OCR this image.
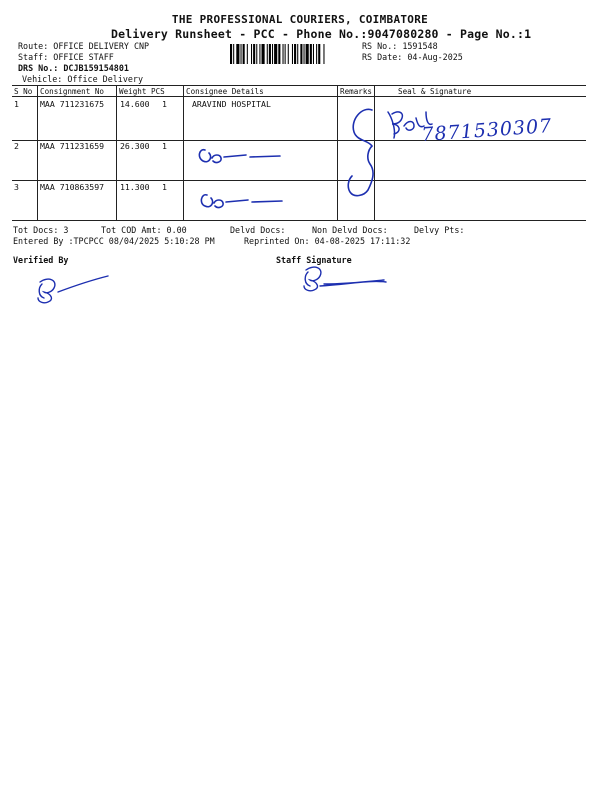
THE PROFESSIONAL COURIERS, COIMBATORE
Delivery Runsheet - PCC - Phone No.:9047080280 - Page No.:1
Route: OFFICE DELIVERY CNP
Staff: OFFICE STAFF
DRS No.: DCJB159154801
Vehicle: Office Delivery
RS No.: 1591548
RS Date: 04-Aug-2025
S No Consignment No Weight PCS	Consignee Details	Remarks	Seal & Signature
1	MAA 711231675 14.600 1	ARAVIND HOSPITAL
2	MAA 711231659 26.300 1
3	MAA 710863597 11.300 1
7871530307
Tot Docs: 3	Tot COD Amt: 0.00	Delvd Docs:	Non Delvd Docs:	Delvy Pts:
Entered By :TPCPCC 08/04/2025 5:10:28 PM	Reprinted On: 04-08-2025 17:11:32
Verified By	Staff Signature
